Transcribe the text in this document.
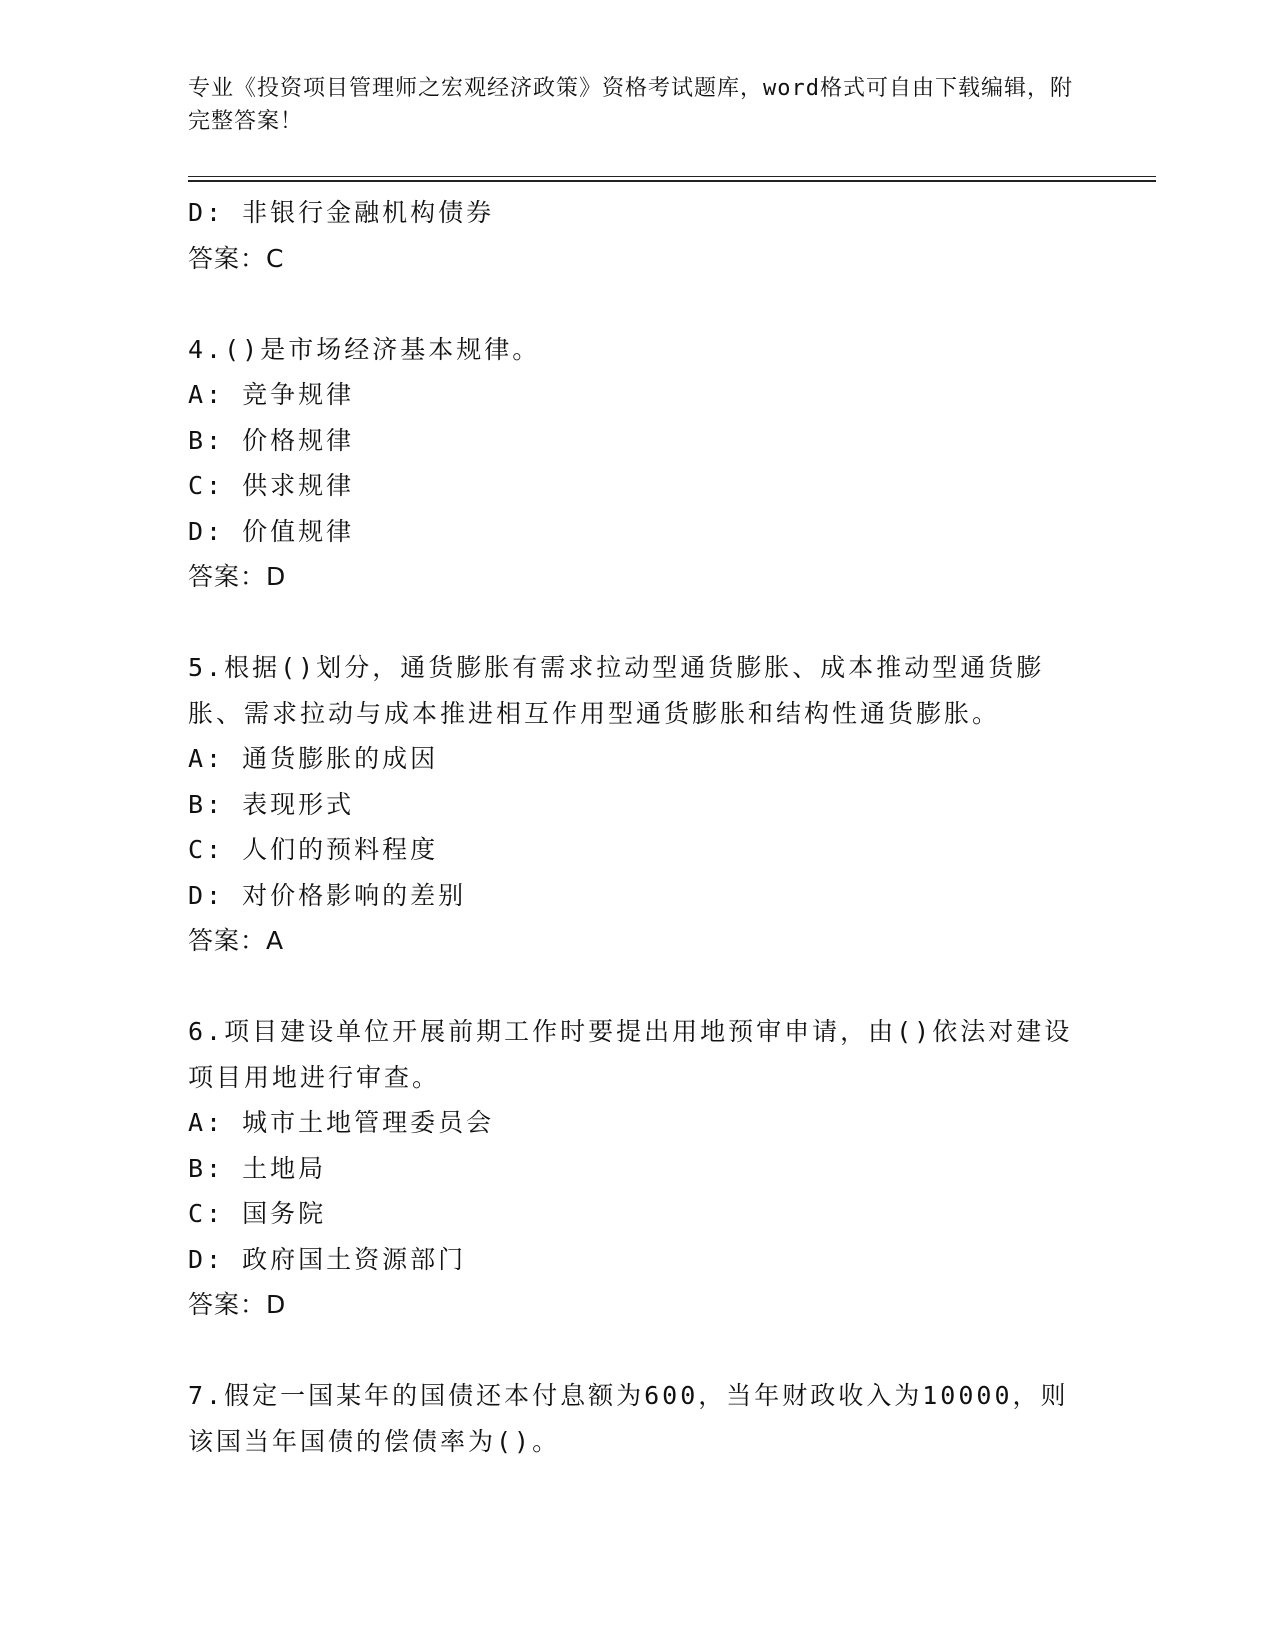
专业《投资项目管理师之宏观经济政策》资格考试题库，word格式可自由下载编辑，附完整答案！
D: 非银行金融机构债券
答案：C
4.()是市场经济基本规律。
A: 竞争规律
B: 价格规律
C: 供求规律
D: 价值规律
答案：D
5.根据()划分，通货膨胀有需求拉动型通货膨胀、成本推动型通货膨胀、需求拉动与成本推进相互作用型通货膨胀和结构性通货膨胀。
A: 通货膨胀的成因
B: 表现形式
C: 人们的预料程度
D: 对价格影响的差别
答案：A
6.项目建设单位开展前期工作时要提出用地预审申请，由()依法对建设项目用地进行审查。
A: 城市土地管理委员会
B: 土地局
C: 国务院
D: 政府国土资源部门
答案：D
7.假定一国某年的国债还本付息额为600，当年财政收入为10000，则该国当年国债的偿债率为()。
